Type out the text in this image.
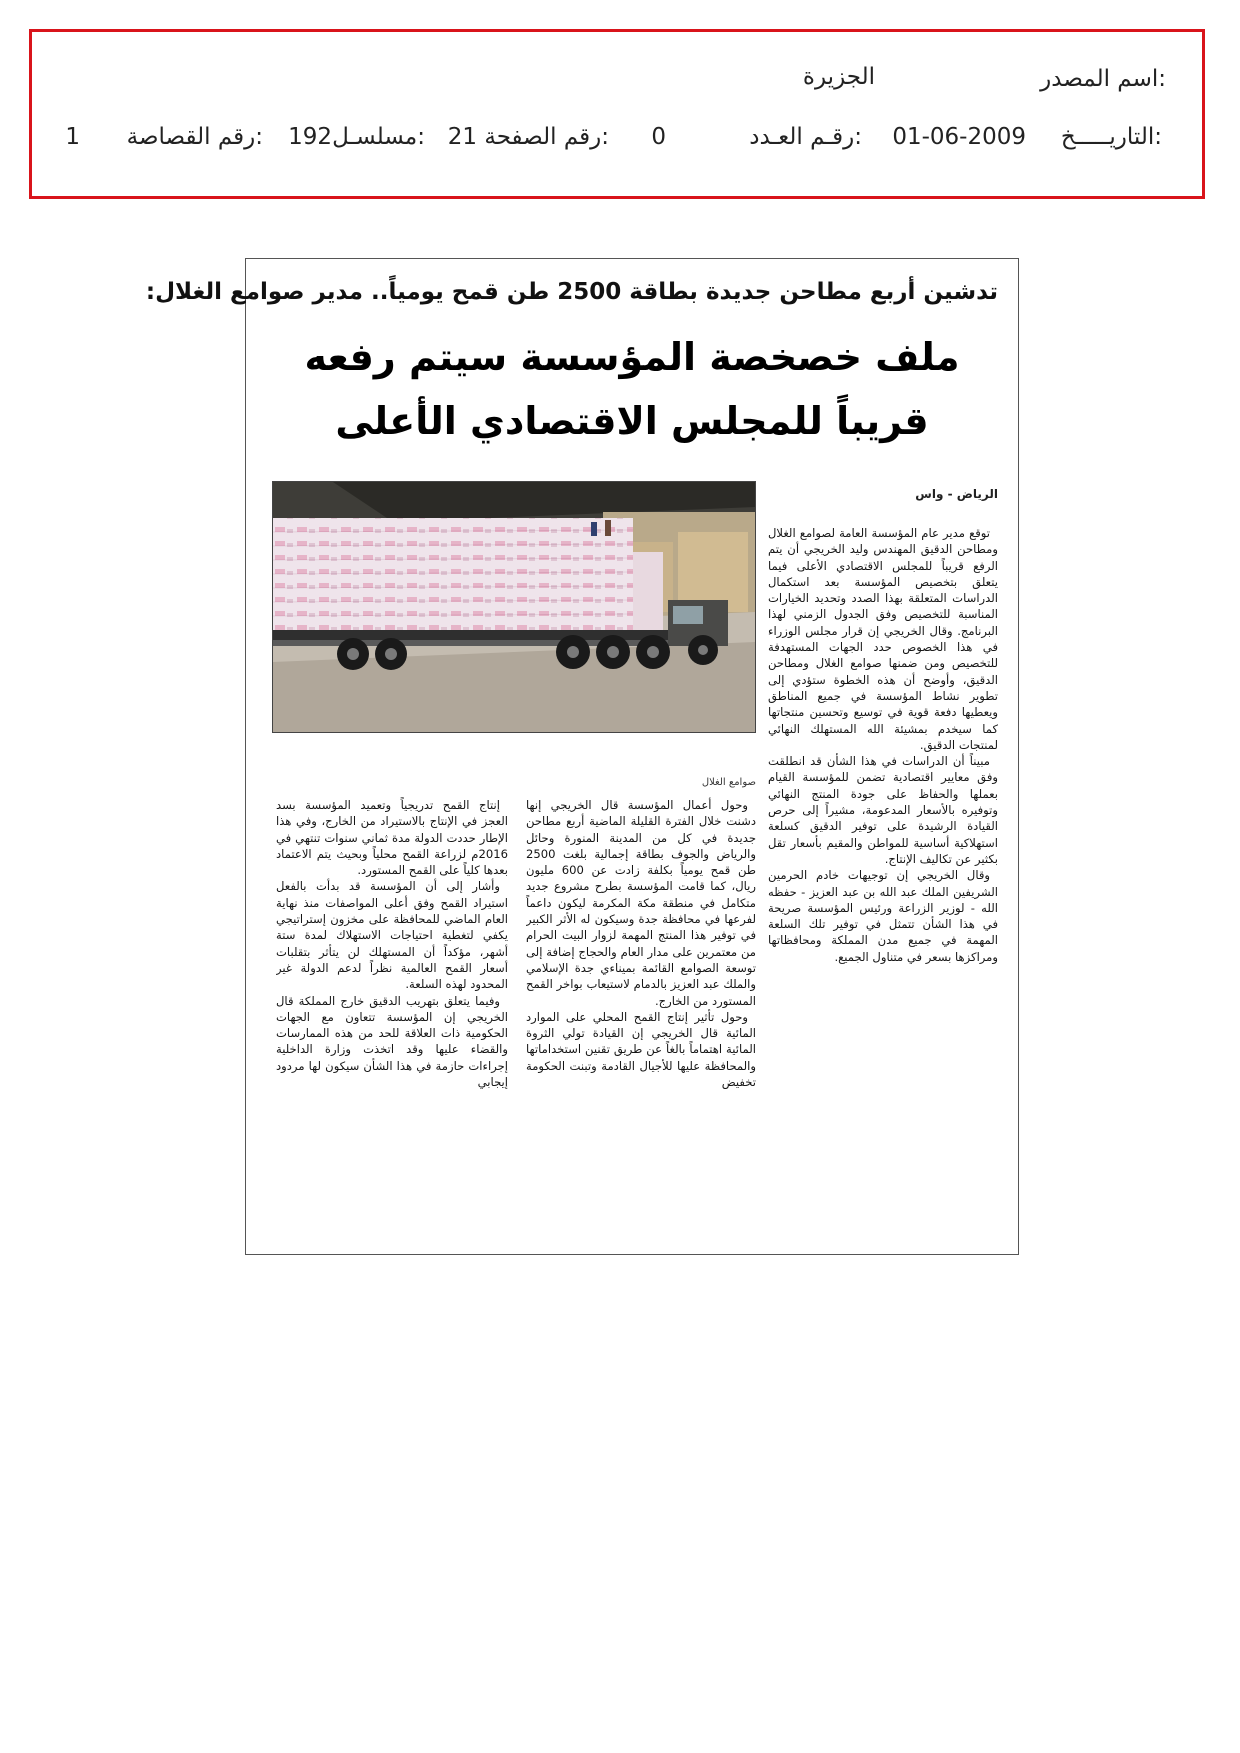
اسم المصدر:
الجزيرة
التاريـــــخ:
01-06-2009
رقـم العـدد:
0
رقم الصفحة:
21
مسلسـل:
192
رقم القصاصة:
1
تدشين أربع مطاحن جديدة بطاقة 2500 طن قمح يومياً.. مدير صوامع الغلال:
ملف خصخصة المؤسسة سيتم رفعه
قريباً للمجلس الاقتصادي الأعلى
الرياض - واس
صوامع الغلال

توقع مدير عام المؤسسة العامة لصوامع الغلال ومطاحن الدقيق المهندس وليد الخريجي أن يتم الرفع قريباً للمجلس الاقتصادي الأعلى فيما يتعلق بتخصيص المؤسسة بعد استكمال الدراسات المتعلقة بهذا الصدد وتحديد الخيارات المناسبة للتخصيص وفق الجدول الزمني لهذا البرنامج. وقال الخريجي إن قرار مجلس الوزراء في هذا الخصوص حدد الجهات المستهدفة للتخصيص ومن ضمنها صوامع الغلال ومطاحن الدقيق، وأوضح أن هذه الخطوة ستؤدي إلى تطوير نشاط المؤسسة في جميع المناطق ويعطيها دفعة قوية في توسيع وتحسين منتجاتها كما سيخدم بمشيئة الله المستهلك النهائي لمنتجات الدقيق.

مبيناً أن الدراسات في هذا الشأن قد انطلقت وفق معايير اقتصادية تضمن للمؤسسة القيام بعملها والحفاظ على جودة المنتج النهائي وتوفيره بالأسعار المدعومة، مشيراً إلى حرص القيادة الرشيدة على توفير الدقيق كسلعة استهلاكية أساسية للمواطن والمقيم بأسعار تقل بكثير عن تكاليف الإنتاج.

وقال الخريجي إن توجيهات خادم الحرمين الشريفين الملك عبد الله بن عبد العزيز - حفظه الله - لوزير الزراعة ورئيس المؤسسة صريحة في هذا الشأن تتمثل في توفير تلك السلعة المهمة في جميع مدن المملكة ومحافظاتها ومراكزها بسعر في متناول الجميع.

وحول أعمال المؤسسة قال الخريجي إنها دشنت خلال الفترة القليلة الماضية أربع مطاحن جديدة في كل من المدينة المنورة وحائل والرياض والجوف بطاقة إجمالية بلغت 2500 طن قمح يومياً بكلفة زادت عن 600 مليون ريال، كما قامت المؤسسة بطرح مشروع جديد متكامل في منطقة مكة المكرمة ليكون داعماً لفرعها في محافظة جدة وسيكون له الأثر الكبير في توفير هذا المنتج المهمة لزوار البيت الحرام من معتمرين على مدار العام والحجاج إضافة إلى توسعة الصوامع القائمة بميناءي جدة الإسلامي والملك عبد العزيز بالدمام لاستيعاب بواخر القمح المستورد من الخارج.

وحول تأثير إنتاج القمح المحلي على الموارد المائية قال الخريجي إن القيادة تولي الثروة المائية اهتماماً بالغاً عن طريق تقنين استخداماتها والمحافظة عليها للأجيال القادمة وتبنت الحكومة تخفيض

إنتاج القمح تدريجياً وتعميد المؤسسة بسد العجز في الإنتاج بالاستيراد من الخارج، وفي هذا الإطار حددت الدولة مدة ثماني سنوات تنتهي في 2016م لزراعة القمح محلياً وبحيث يتم الاعتماد بعدها كلياً على القمح المستورد.

وأشار إلى أن المؤسسة قد بدأت بالفعل استيراد القمح وفق أعلى المواصفات منذ نهاية العام الماضي للمحافظة على مخزون إستراتيجي يكفي لتغطية احتياجات الاستهلاك لمدة ستة أشهر، مؤكداً أن المستهلك لن يتأثر بتقلبات أسعار القمح العالمية نظراً لدعم الدولة غير المحدود لهذه السلعة.

وفيما يتعلق بتهريب الدقيق خارج المملكة قال الخريجي إن المؤسسة تتعاون مع الجهات الحكومية ذات العلاقة للحد من هذه الممارسات والقضاء عليها وقد اتخذت وزارة الداخلية إجراءات حازمة في هذا الشأن سيكون لها مردود إيجابي
